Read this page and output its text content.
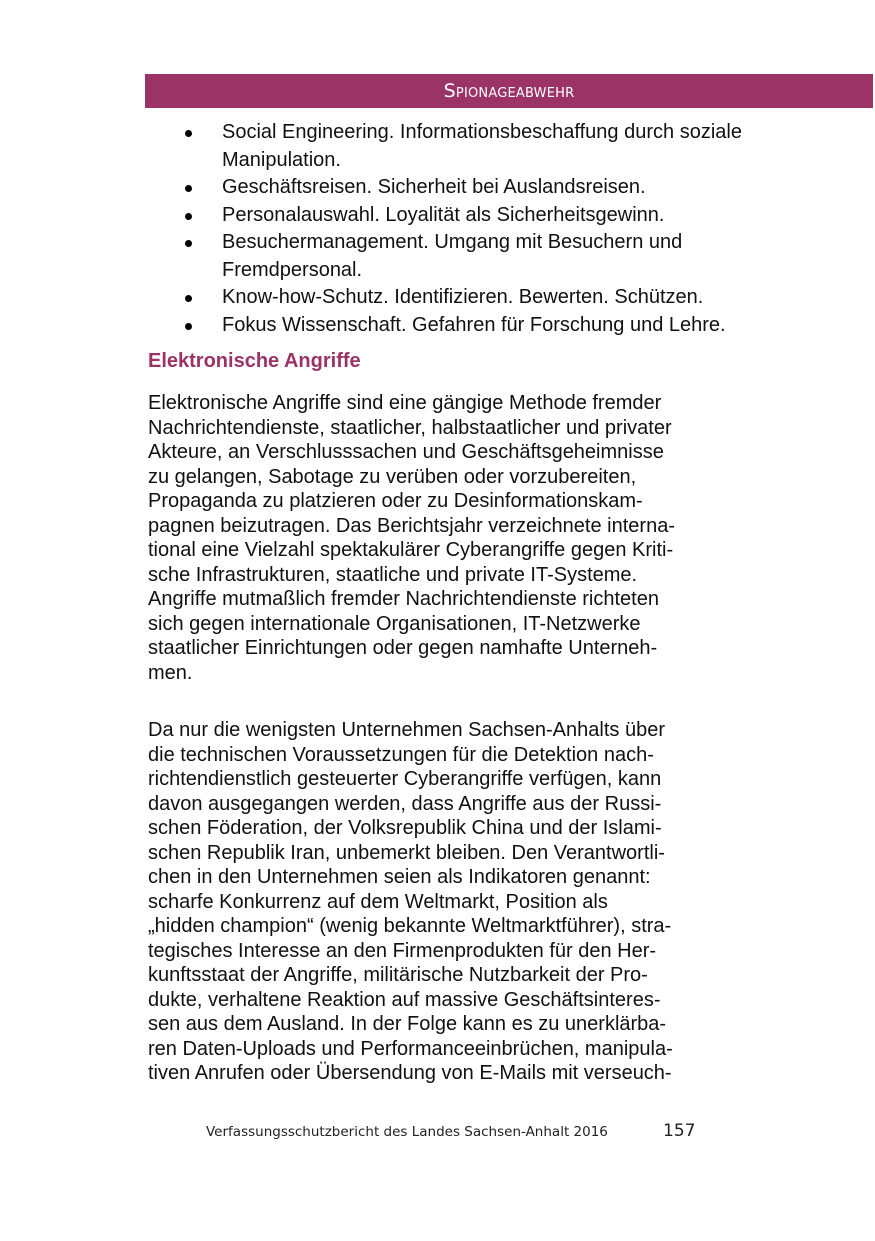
Spionageabwehr
Social Engineering. Informationsbeschaffung durch soziale
Manipulation.
Geschäftsreisen. Sicherheit bei Auslandsreisen.
Personalauswahl. Loyalität als Sicherheitsgewinn.
Besuchermanagement. Umgang mit Besuchern und
Fremdpersonal.
Know-how-Schutz. Identifizieren. Bewerten. Schützen.
Fokus Wissenschaft. Gefahren für Forschung und Lehre.
Elektronische Angriffe

Elektronische Angriffe sind eine gängige Methode fremder
Nachrichtendienste, staatlicher, halbstaatlicher und privater
Akteure, an Verschlusssachen und Geschäftsgeheimnisse
zu gelangen, Sabotage zu verüben oder vorzubereiten,
Propaganda zu platzieren oder zu Desinformationskam-
pagnen beizutragen. Das Berichtsjahr verzeichnete interna-
tional eine Vielzahl spektakulärer Cyberangriffe gegen Kriti-
sche Infrastrukturen, staatliche und private IT-Systeme.
Angriffe mutmaßlich fremder Nachrichtendienste richteten
sich gegen internationale Organisationen, IT-Netzwerke
staatlicher Einrichtungen oder gegen namhafte Unterneh-
men.

Da nur die wenigsten Unternehmen Sachsen-Anhalts über
die technischen Voraussetzungen für die Detektion nach-
richtendienstlich gesteuerter Cyberangriffe verfügen, kann
davon ausgegangen werden, dass Angriffe aus der Russi-
schen Föderation, der Volksrepublik China und der Islami-
schen Republik Iran, unbemerkt bleiben. Den Verantwortli-
chen in den Unternehmen seien als Indikatoren genannt:
scharfe Konkurrenz auf dem Weltmarkt, Position als
„hidden champion“ (wenig bekannte Weltmarktführer), stra-
tegisches Interesse an den Firmenprodukten für den Her-
kunftsstaat der Angriffe, militärische Nutzbarkeit der Pro-
dukte, verhaltene Reaktion auf massive Geschäftsinteres-
sen aus dem Ausland. In der Folge kann es zu unerklärba-
ren Daten-Uploads und Performanceeinbrüchen, manipula-
tiven Anrufen oder Übersendung von E-Mails mit verseuch-

Verfassungsschutzbericht des Landes Sachsen-Anhalt 2016	157
